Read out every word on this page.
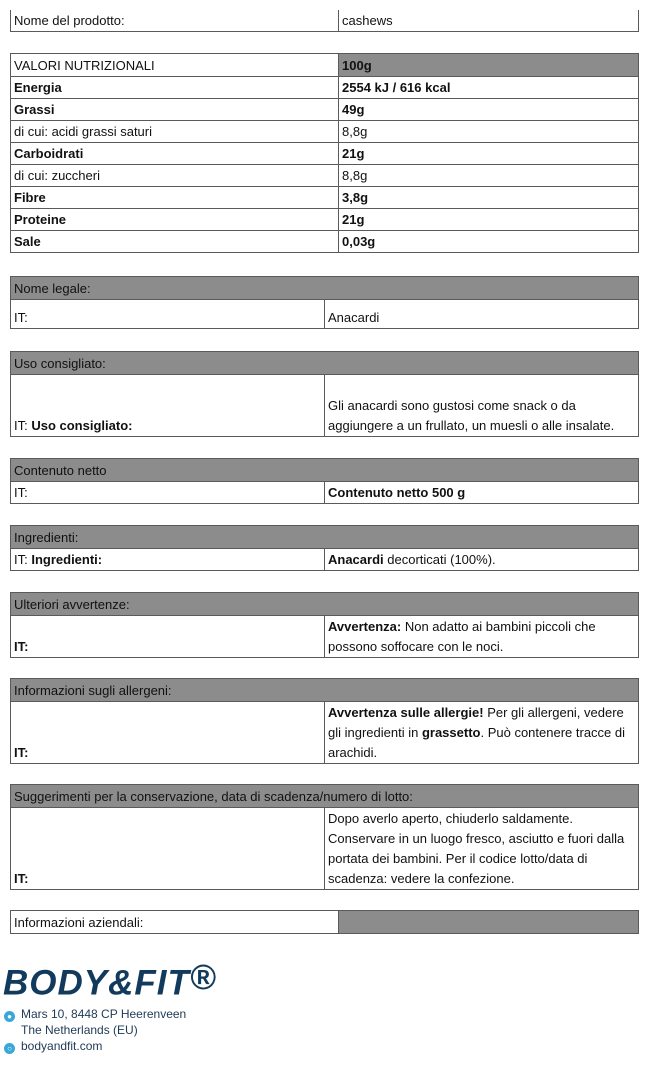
Nome del prodotto:	cashews
VALORI NUTRIZIONALI	100g
Energia	2554 kJ / 616 kcal
Grassi	49g
di cui: acidi grassi saturi	8,8g
Carboidrati	21g
di cui: zuccheri	8,8g
Fibre	3,8g
Proteine	21g
Sale	0,03g
Nome legale:
IT:	Anacardi
Uso consigliato:
IT: Uso consigliato:	Gli anacardi sono gustosi come snack o da aggiungere a un frullato, un muesli o alle insalate.
Contenuto netto
IT:	Contenuto netto 500 g
Ingredienti:
IT: Ingredienti:	Anacardi decorticati (100%).
Ulteriori avvertenze:
IT:	Avvertenza: Non adatto ai bambini piccoli che possono soffocare con le noci.
Informazioni sugli allergeni:
IT:	Avvertenza sulle allergie! Per gli allergeni, vedere gli ingredienti in grassetto. Può contenere tracce di arachidi.
Suggerimenti per la conservazione, data di scadenza/numero di lotto:
IT:	Dopo averlo aperto, chiuderlo saldamente. Conservare in un luogo fresco, asciutto e fuori dalla portata dei bambini. Per il codice lotto/data di scadenza: vedere la confezione.
Informazioni aziendali:	
BODY&FIT®
● Mars 10, 8448 CP Heerenveen
The Netherlands (EU)
○ bodyandfit.com
